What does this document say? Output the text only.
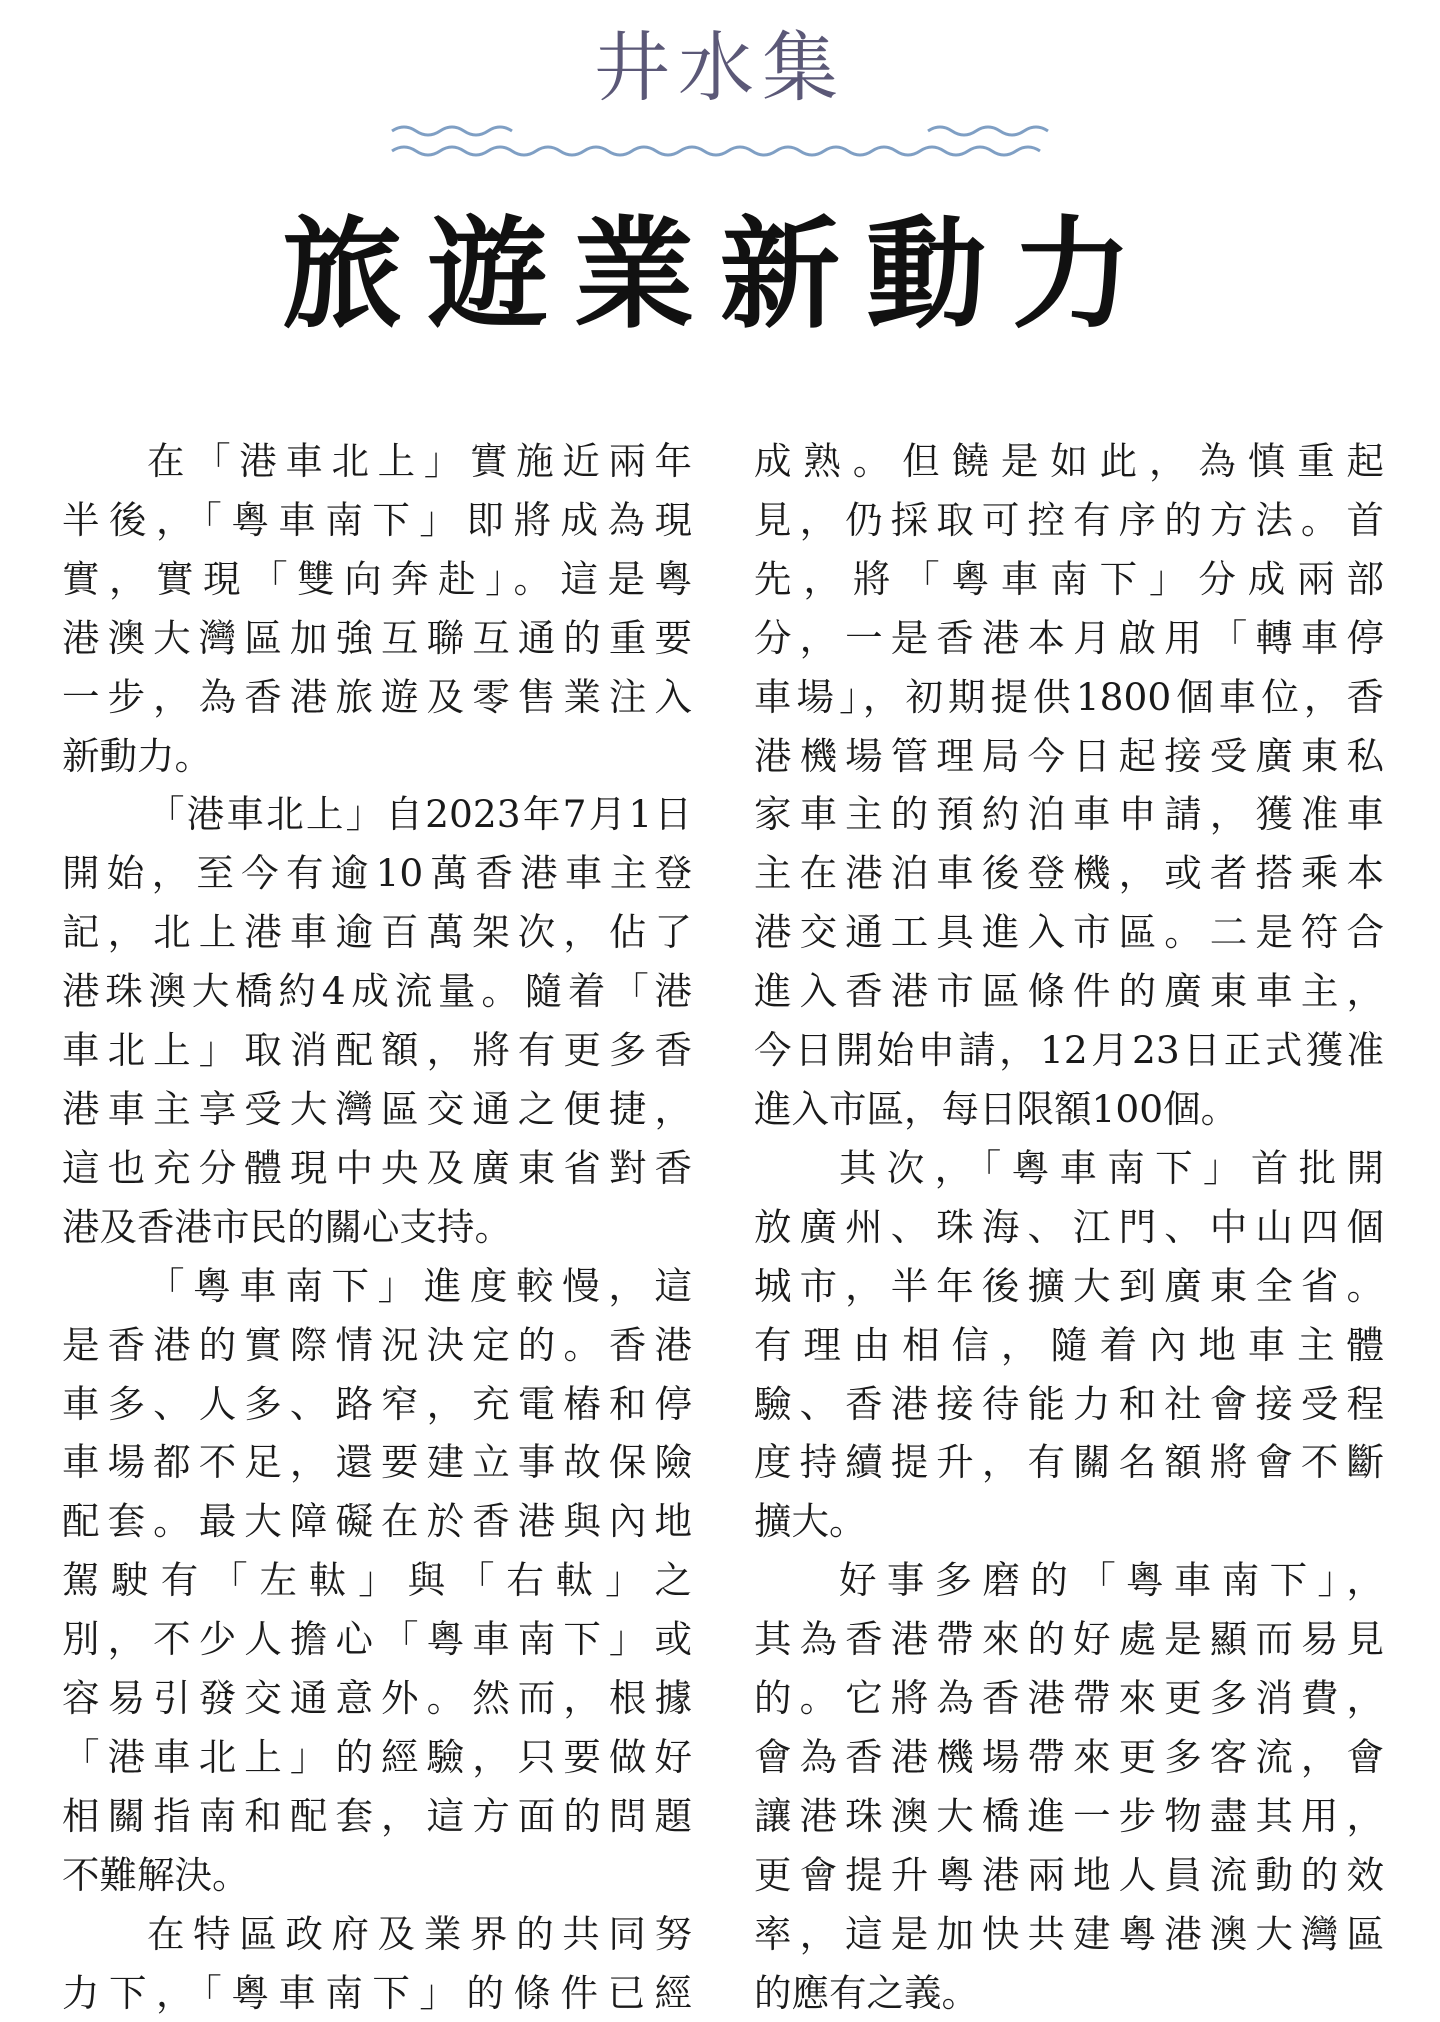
井水集
旅遊業新動力
在「港車北上」實施近兩年
半後，「粵車南下」即將成為現
實，實現「雙向奔赴」。這是粵
港澳大灣區加強互聯互通的重要
一步，為香港旅遊及零售業注入
新動力。
「港車北上」自2023年7月1日
開始，至今有逾10萬香港車主登
記，北上港車逾百萬架次，佔了
港珠澳大橋約4成流量。隨着「港
車北上」取消配額，將有更多香
港車主享受大灣區交通之便捷，
這也充分體現中央及廣東省對香
港及香港市民的關心支持。
「粵車南下」進度較慢，這
是香港的實際情況決定的。香港
車多、人多、路窄，充電樁和停
車場都不足，還要建立事故保險
配套。最大障礙在於香港與內地
駕駛有「左軚」與「右軚」之
別，不少人擔心「粵車南下」或
容易引發交通意外。然而，根據
「港車北上」的經驗，只要做好
相關指南和配套，這方面的問題
不難解決。
在特區政府及業界的共同努
力下，「粵車南下」的條件已經
成熟。但饒是如此，為慎重起
見，仍採取可控有序的方法。首
先，將「粵車南下」分成兩部
分，一是香港本月啟用「轉車停
車場」，初期提供1800個車位，香
港機場管理局今日起接受廣東私
家車主的預約泊車申請，獲准車
主在港泊車後登機，或者搭乘本
港交通工具進入市區。二是符合
進入香港市區條件的廣東車主，
今日開始申請，12月23日正式獲准
進入市區，每日限額100個。
其次，「粵車南下」首批開
放廣州、珠海、江門、中山四個
城市，半年後擴大到廣東全省。
有理由相信，隨着內地車主體
驗、香港接待能力和社會接受程
度持續提升，有關名額將會不斷
擴大。
好事多磨的「粵車南下」，
其為香港帶來的好處是顯而易見
的。它將為香港帶來更多消費，
會為香港機場帶來更多客流，會
讓港珠澳大橋進一步物盡其用，
更會提升粵港兩地人員流動的效
率，這是加快共建粵港澳大灣區
的應有之義。
